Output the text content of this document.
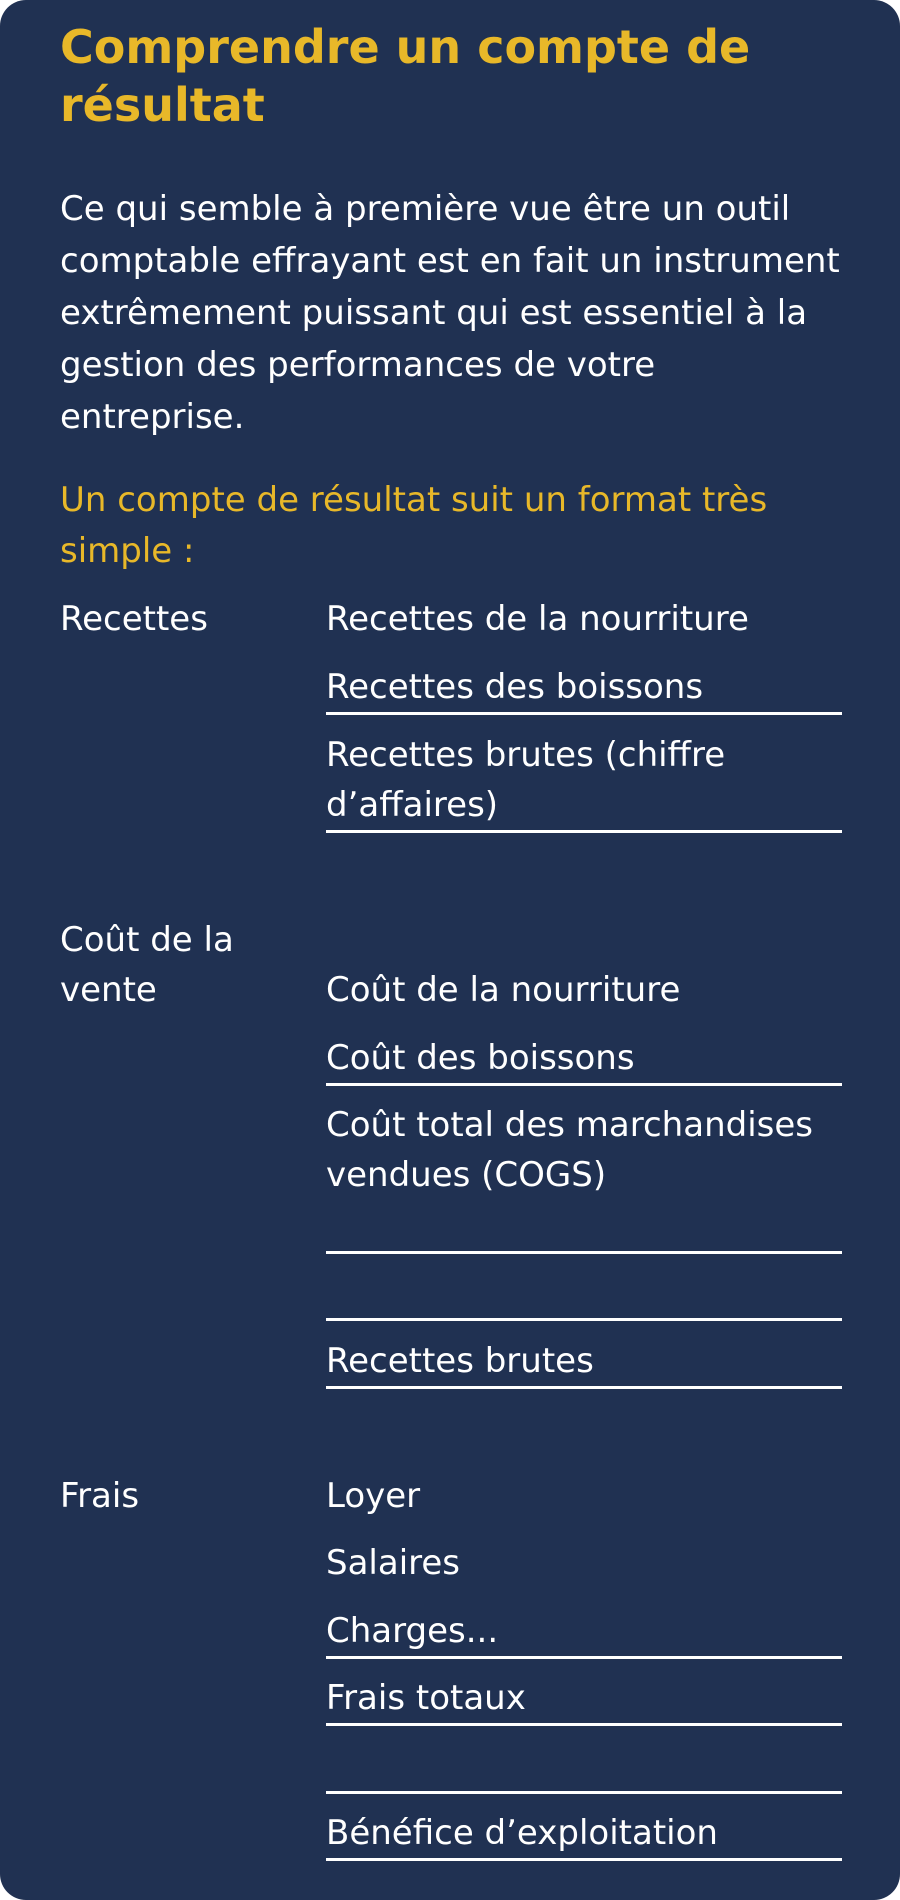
Comprendre un compte de résultat

Ce qui semble à première vue être un outil comptable effrayant est en fait un instrument extrêmement puissant qui est essentiel à la gestion des performances de votre entreprise.

Un compte de résultat suit un format très simple :

Recettes	Recettes de la nourriture
Recettes des boissons
Recettes brutes (chiffre d’affaires)
Coût de la vente	Coût de la nourriture
Coût des boissons
Coût total des marchandises vendues (COGS)
Recettes brutes
Frais	Loyer
Salaires
Charges...
Frais totaux
Bénéfice d’exploitation
